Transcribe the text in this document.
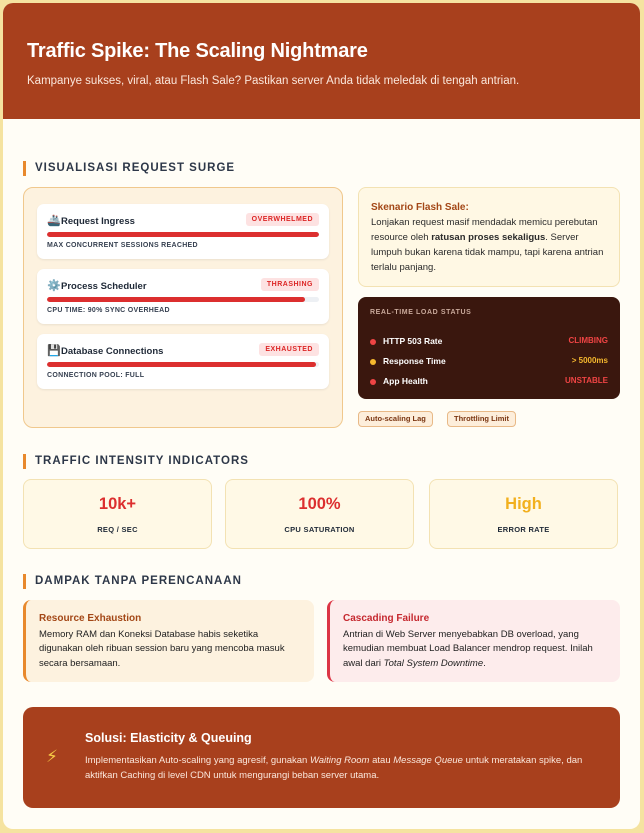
Traffic Spike: The Scaling Nightmare

Kampanye sukses, viral, atau Flash Sale? Pastikan server Anda tidak meledak di tengah antrian.

VISUALISASI REQUEST SURGE
🚢 Request Ingress	OVERWHELMED
MAX CONCURRENT SESSIONS REACHED
⚙️ Process Scheduler	THRASHING
CPU TIME: 90% SYNC OVERHEAD
💾 Database Connections	EXHAUSTED
CONNECTION POOL: FULL
Skenario Flash Sale:
Lonjakan request masif mendadak memicu perebutan resource oleh ratusan proses sekaligus. Server lumpuh bukan karena tidak mampu, tapi karena antrian terlalu panjang.
REAL-TIME LOAD STATUS
HTTP 503 Rate	CLIMBING
Response Time	> 5000ms
App Health	UNSTABLE
Auto-scaling Lag	Throttling Limit
TRAFFIC INTENSITY INDICATORS
10k+
REQ / SEC
100%
CPU SATURATION
High
ERROR RATE
DAMPAK TANPA PERENCANAAN
Resource Exhaustion
Memory RAM dan Koneksi Database habis seketika digunakan oleh ribuan session baru yang mencoba masuk secara bersamaan.
Cascading Failure
Antrian di Web Server menyebabkan DB overload, yang kemudian membuat Load Balancer mendrop request. Inilah awal dari Total System Downtime.
⚡
Solusi: Elasticity & Queuing
Implementasikan Auto-scaling yang agresif, gunakan Waiting Room atau Message Queue untuk meratakan spike, dan aktifkan Caching di level CDN untuk mengurangi beban server utama.
